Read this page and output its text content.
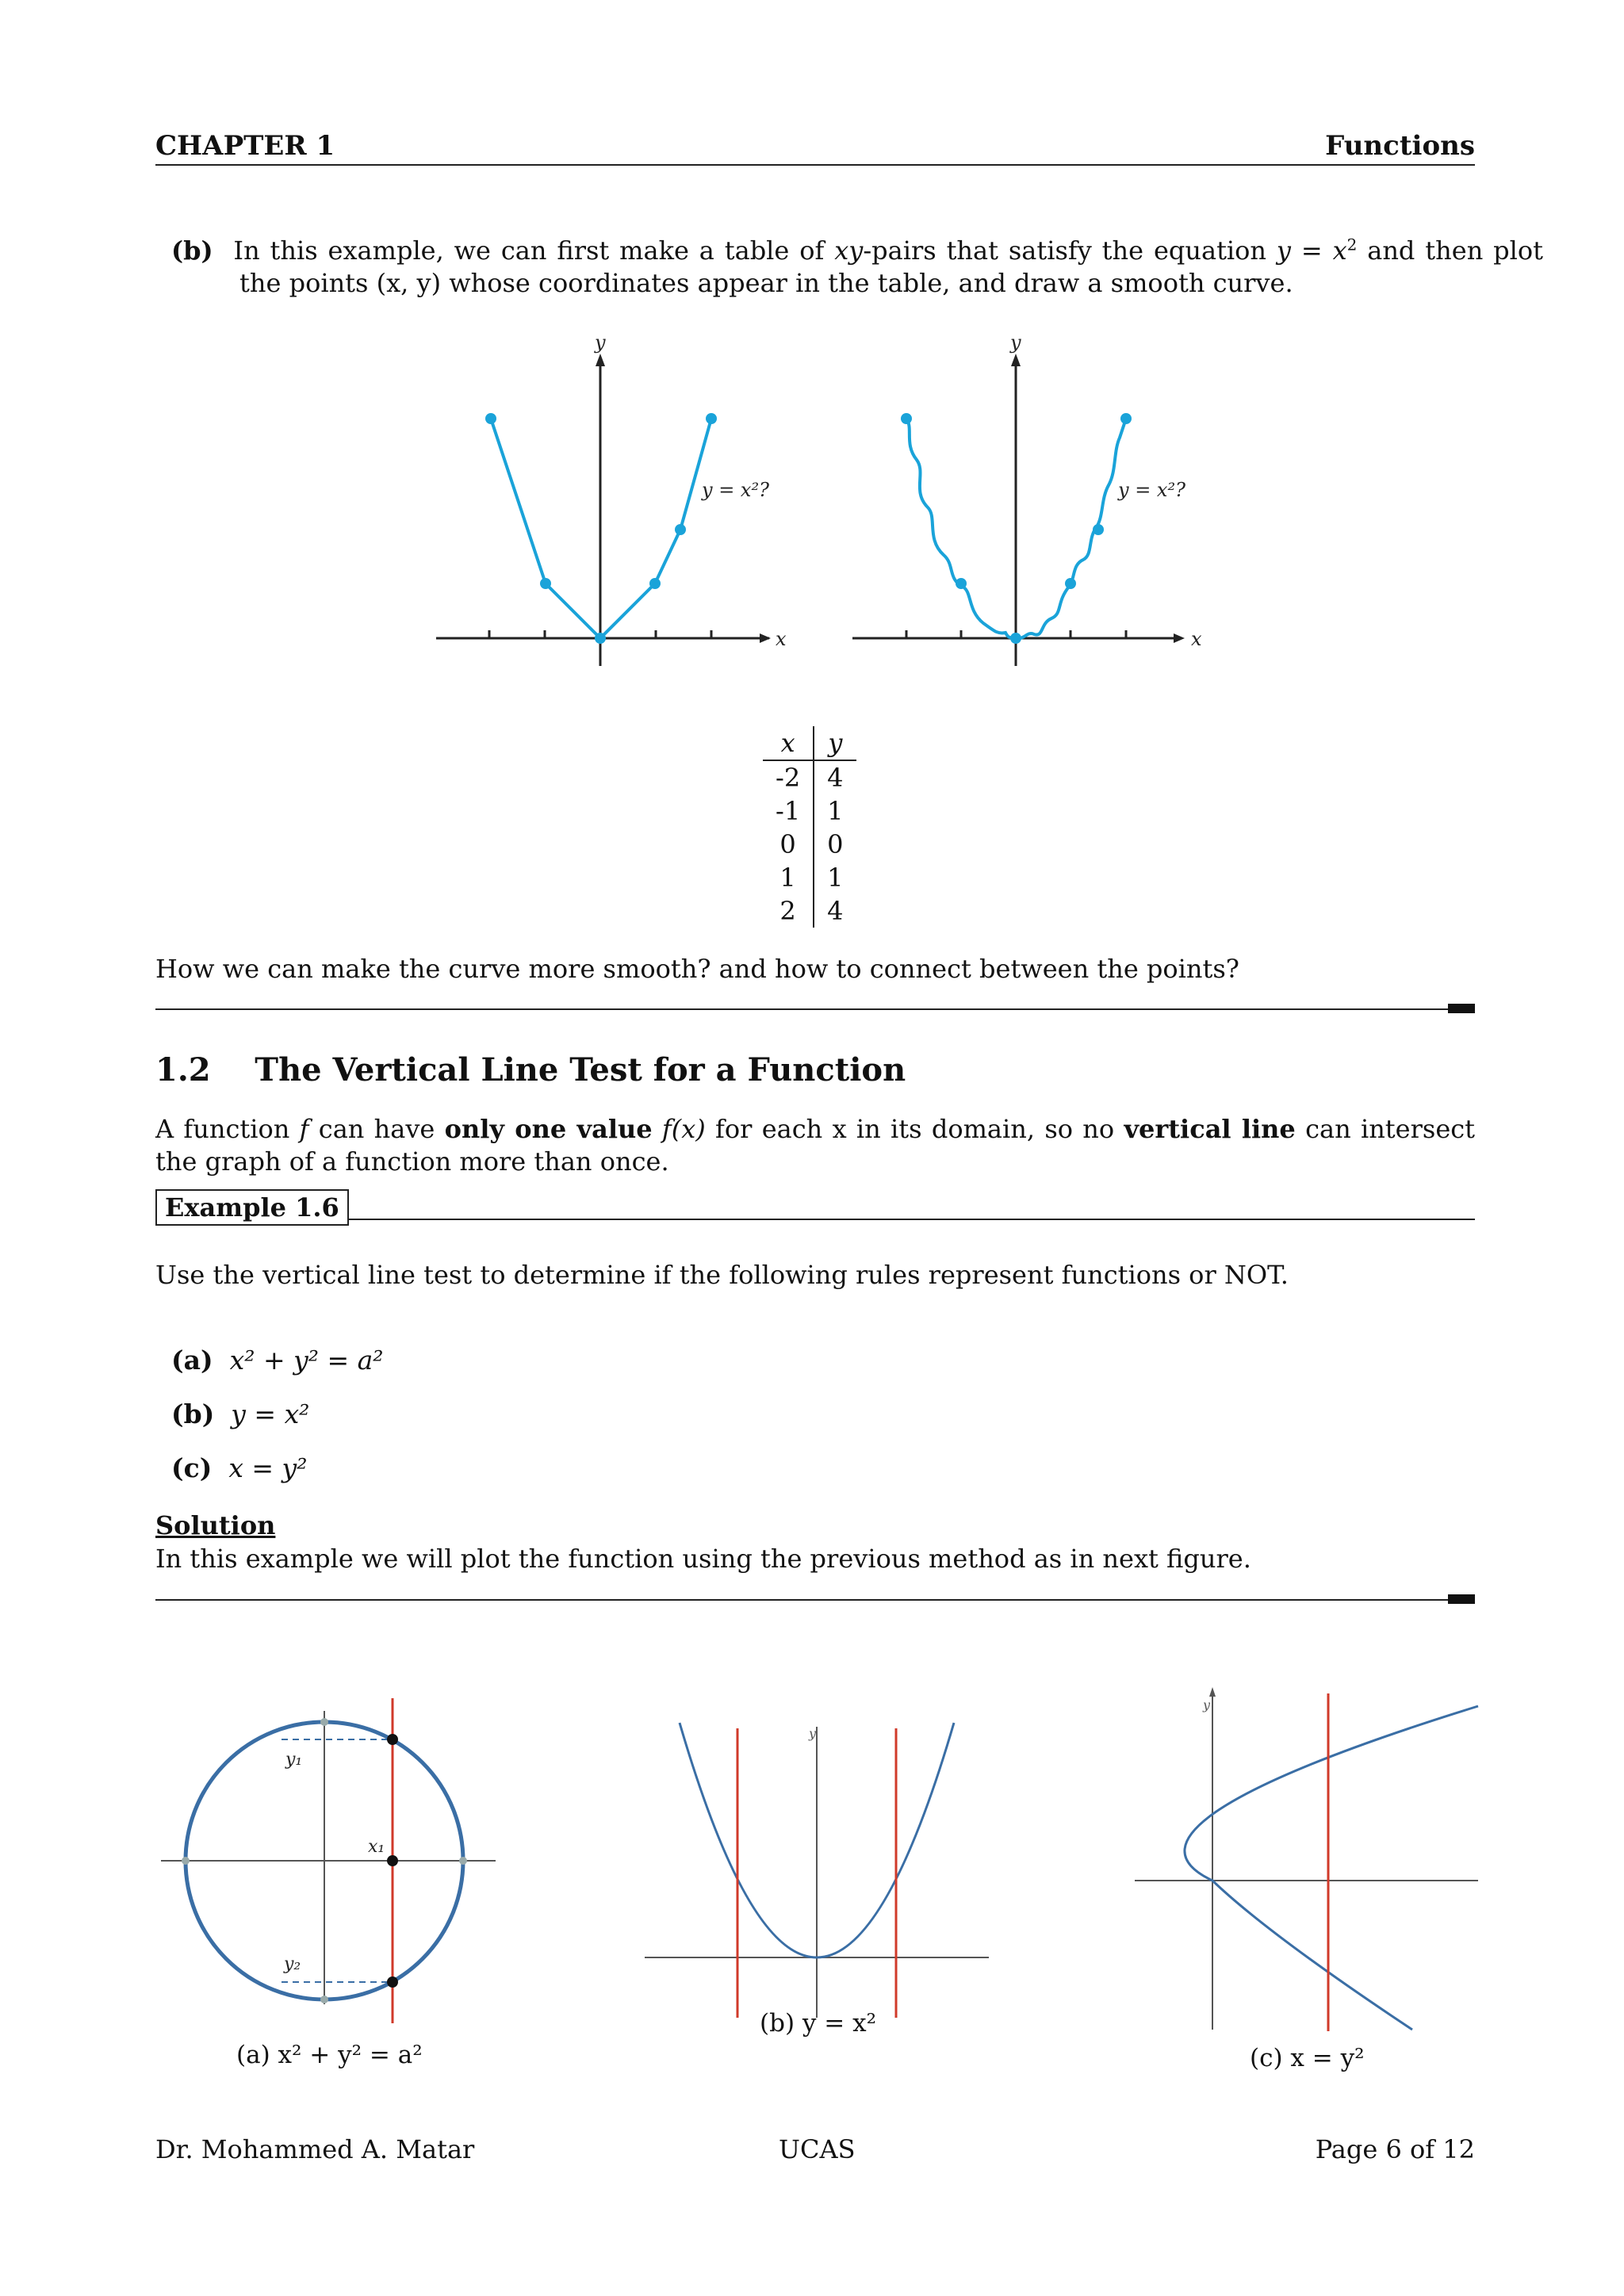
CHAPTER 1	Functions
(b) In this example, we can first make a table of xy-pairs that satisfy the equation $y = x^2$ and then plot the points (x, y) whose coordinates appear in the table, and draw a smooth curve.
y = x²?
x
y
y = x²?
x
y
x	y
-2	4
-1	1
0	0
1	1
2	4
How we can make the curve more smooth? and how to connect between the points?
1.2 The Vertical Line Test for a Function
A function f can have only one value f(x) for each x in its domain, so no vertical line can intersect the graph of a function more than once.
Example 1.6
Use the vertical line test to determine if the following rules represent functions or NOT.
(a) x² + y² = a²
(b) y = x²
(c) x = y²
Solution
In this example we will plot the function using the previous method as in next figure.
y₁
x₁
y₂
y
y
(a) x² + y² = a²
(b) y = x²
(c) x = y²
Dr. Mohammed A. Matar	UCAS	Page 6 of 12
